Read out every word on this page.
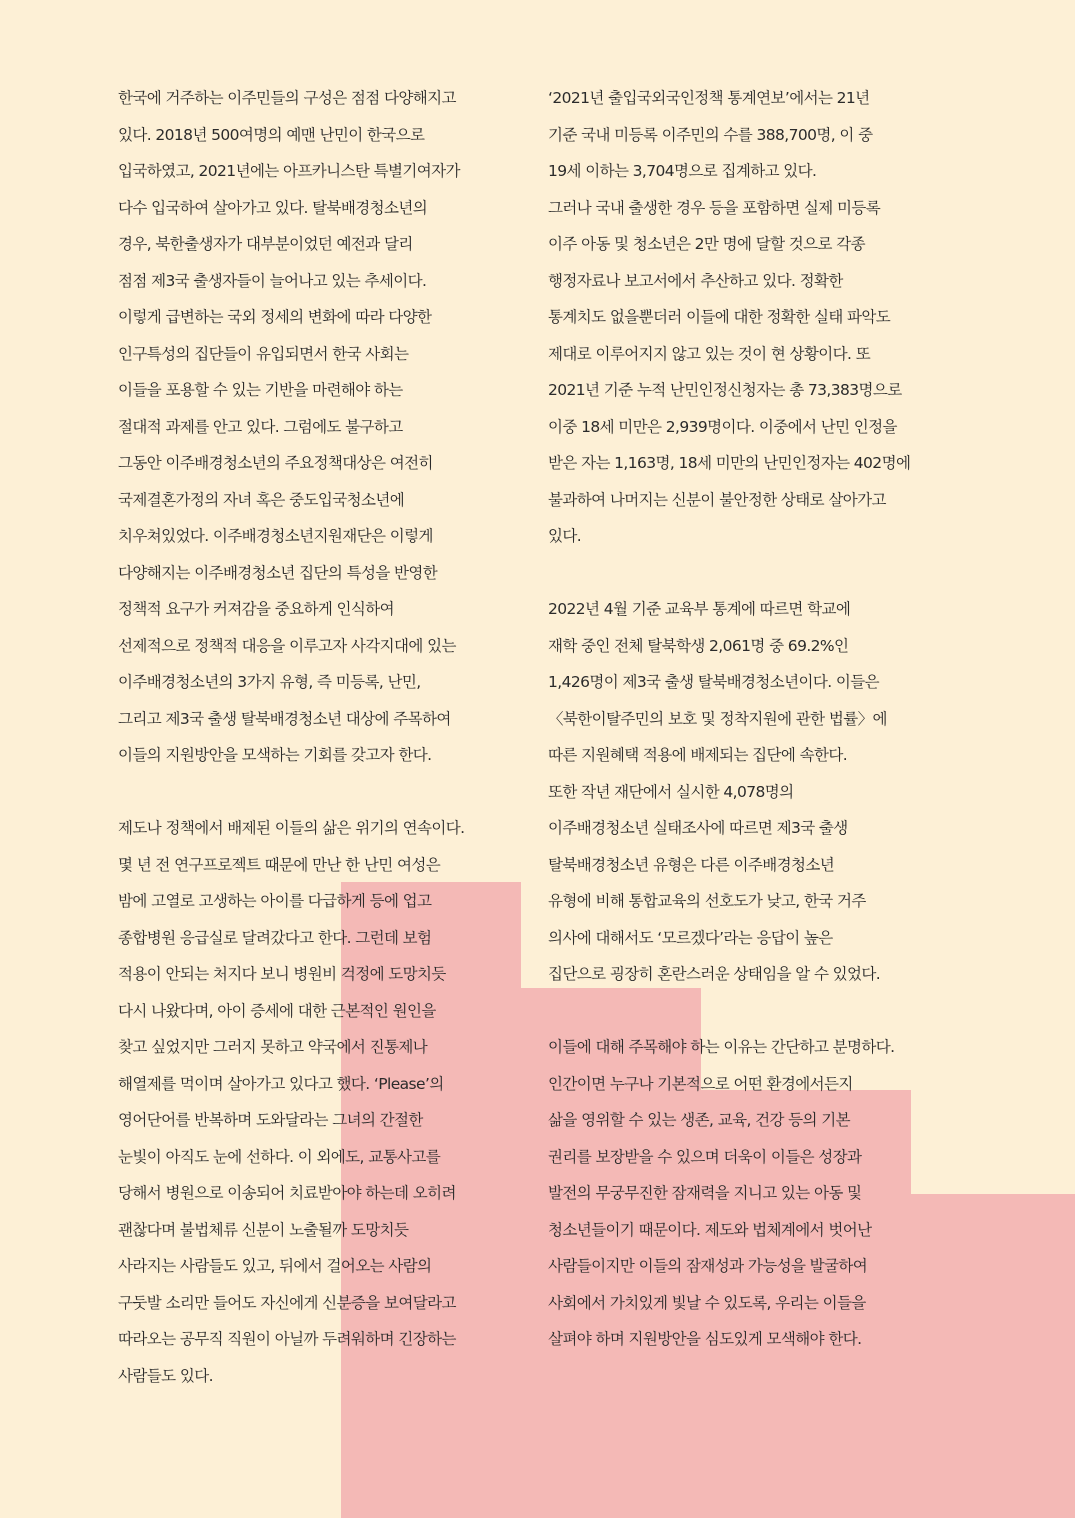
한국에 거주하는 이주민들의 구성은 점점 다양해지고
있다. 2018년 500여명의 예맨 난민이 한국으로
입국하였고, 2021년에는 아프카니스탄 특별기여자가
다수 입국하여 살아가고 있다. 탈북배경청소년의
경우, 북한출생자가 대부분이었던 예전과 달리
점점 제3국 출생자들이 늘어나고 있는 추세이다.
이렇게 급변하는 국외 정세의 변화에 따라 다양한
인구특성의 집단들이 유입되면서 한국 사회는
이들을 포용할 수 있는 기반을 마련해야 하는
절대적 과제를 안고 있다. 그럼에도 불구하고
그동안 이주배경청소년의 주요정책대상은 여전히
국제결혼가정의 자녀 혹은 중도입국청소년에
치우쳐있었다. 이주배경청소년지원재단은 이렇게
다양해지는 이주배경청소년 집단의 특성을 반영한
정책적 요구가 커져감을 중요하게 인식하여
선제적으로 정책적 대응을 이루고자 사각지대에 있는
이주배경청소년의 3가지 유형, 즉 미등록, 난민,
그리고 제3국 출생 탈북배경청소년 대상에 주목하여
이들의 지원방안을 모색하는 기회를 갖고자 한다.
제도나 정책에서 배제된 이들의 삶은 위기의 연속이다.
몇 년 전 연구프로젝트 때문에 만난 한 난민 여성은
밤에 고열로 고생하는 아이를 다급하게 등에 업고
종합병원 응급실로 달려갔다고 한다. 그런데 보험
적용이 안되는 처지다 보니 병원비 걱정에 도망치듯
다시 나왔다며, 아이 증세에 대한 근본적인 원인을
찾고 싶었지만 그러지 못하고 약국에서 진통제나
해열제를 먹이며 살아가고 있다고 했다. ‘Please’의
영어단어를 반복하며 도와달라는 그녀의 간절한
눈빛이 아직도 눈에 선하다. 이 외에도, 교통사고를
당해서 병원으로 이송되어 치료받아야 하는데 오히려
괜찮다며 불법체류 신분이 노출될까 도망치듯
사라지는 사람들도 있고, 뒤에서 걸어오는 사람의
구둣발 소리만 들어도 자신에게 신분증을 보여달라고
따라오는 공무직 직원이 아닐까 두려워하며 긴장하는
사람들도 있다.
‘2021년 출입국외국인정책 통계연보’에서는 21년
기준 국내 미등록 이주민의 수를 388,700명, 이 중
19세 이하는 3,704명으로 집계하고 있다.
그러나 국내 출생한 경우 등을 포함하면 실제 미등록
이주 아동 및 청소년은 2만 명에 달할 것으로 각종
행정자료나 보고서에서 추산하고 있다. 정확한
통계치도 없을뿐더러 이들에 대한 정확한 실태 파악도
제대로 이루어지지 않고 있는 것이 현 상황이다. 또
2021년 기준 누적 난민인정신청자는 총 73,383명으로
이중 18세 미만은 2,939명이다. 이중에서 난민 인정을
받은 자는 1,163명, 18세 미만의 난민인정자는 402명에
불과하여 나머지는 신분이 불안정한 상태로 살아가고
있다.
2022년 4월 기준 교육부 통계에 따르면 학교에
재학 중인 전체 탈북학생 2,061명 중 69.2%인
1,426명이 제3국 출생 탈북배경청소년이다. 이들은
〈북한이탈주민의 보호 및 정착지원에 관한 법률〉에
따른 지원혜택 적용에 배제되는 집단에 속한다.
또한 작년 재단에서 실시한 4,078명의
이주배경청소년 실태조사에 따르면 제3국 출생
탈북배경청소년 유형은 다른 이주배경청소년
유형에 비해 통합교육의 선호도가 낮고, 한국 거주
의사에 대해서도 ‘모르겠다’라는 응답이 높은
집단으로 굉장히 혼란스러운 상태임을 알 수 있었다.
이들에 대해 주목해야 하는 이유는 간단하고 분명하다.
인간이면 누구나 기본적으로 어떤 환경에서든지
삶을 영위할 수 있는 생존, 교육, 건강 등의 기본
권리를 보장받을 수 있으며 더욱이 이들은 성장과
발전의 무궁무진한 잠재력을 지니고 있는 아동 및
청소년들이기 때문이다. 제도와 법체계에서 벗어난
사람들이지만 이들의 잠재성과 가능성을 발굴하여
사회에서 가치있게 빛날 수 있도록, 우리는 이들을
살펴야 하며 지원방안을 심도있게 모색해야 한다.
